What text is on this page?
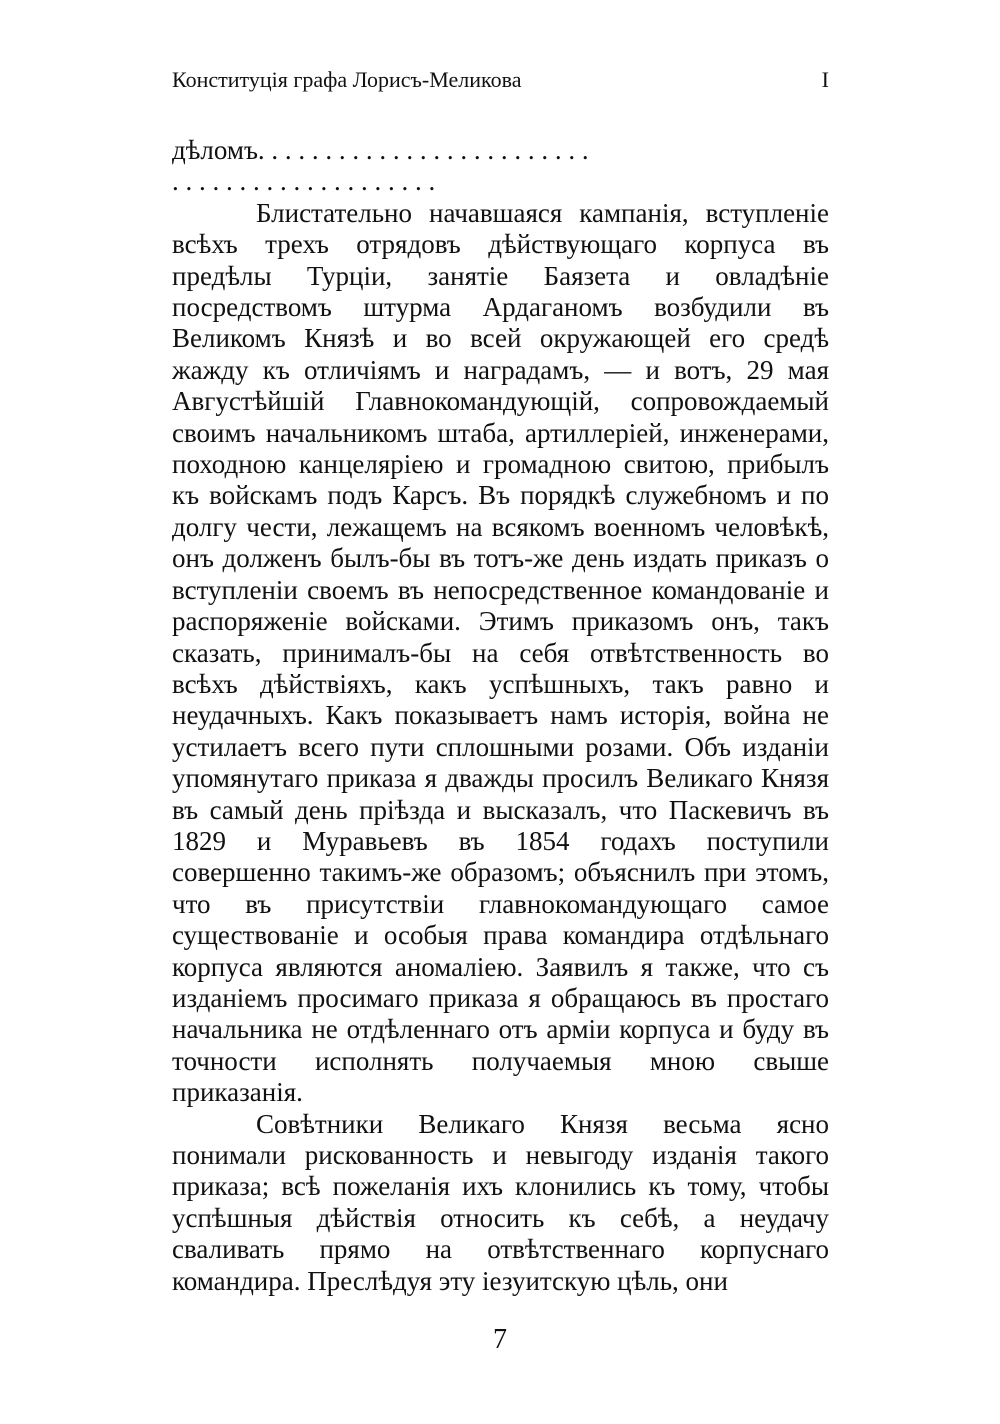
Конституція графа Лорисъ-Меликова	I

дѣломъ. . . . . . . . . . . . . . . . . . . . . . . . .

. . . . . . . . . . . . . . . . . . . .

Блистательно начавшаяся кампанія, вступленіе всѣхъ трехъ отрядовъ дѣйствующаго корпуса въ предѣлы Турціи, занятіе Баязета и овладѣніе посредствомъ штурма Ардаганомъ возбудили въ Великомъ Князѣ и во всей окружающей его средѣ жажду къ отличіямъ и наградамъ, — и вотъ, 29 мая Августѣйшій Главнокомандующій, сопровождаемый своимъ начальникомъ штаба, артиллеріей, инженерами, походною канцеляріею и громадною свитою, прибылъ къ войскамъ подъ Карсъ. Въ порядкѣ служебномъ и по долгу чести, лежащемъ на всякомъ военномъ человѣкѣ, онъ долженъ былъ-бы въ тотъ-же день издать приказъ о вступленіи своемъ въ непосредственное командованіе и распоряженіе войсками. Этимъ приказомъ онъ, такъ сказать, принималъ-бы на себя отвѣтственность во всѣхъ дѣйствіяхъ, какъ успѣшныхъ, такъ равно и неудачныхъ. Какъ показываетъ намъ исторія, война не устилаетъ всего пути сплошными розами. Объ изданіи упомянутаго приказа я дважды просилъ Великаго Князя въ самый день пріѣзда и высказалъ, что Паскевичъ въ 1829 и Муравьевъ въ 1854 годахъ поступили совершенно такимъ-же образомъ; объяснилъ при этомъ, что въ присутствіи главнокомандующаго самое существованіе и особыя права командира отдѣльнаго корпуса являются аномаліею. Заявилъ я также, что съ изданіемъ просимаго приказа я обращаюсь въ простаго начальника не отдѣленнаго отъ арміи корпуса и буду въ точности исполнять получаемыя мною свыше приказанія.

Совѣтники Великаго Князя весьма ясно понимали рискованность и невыгоду изданія такого приказа; всѣ пожеланія ихъ клонились къ тому, чтобы успѣшныя дѣйствія относить къ себѣ, а неудачу сваливать прямо на отвѣтственнаго корпуснаго командира. Преслѣдуя эту іезуитскую цѣль, они

7
